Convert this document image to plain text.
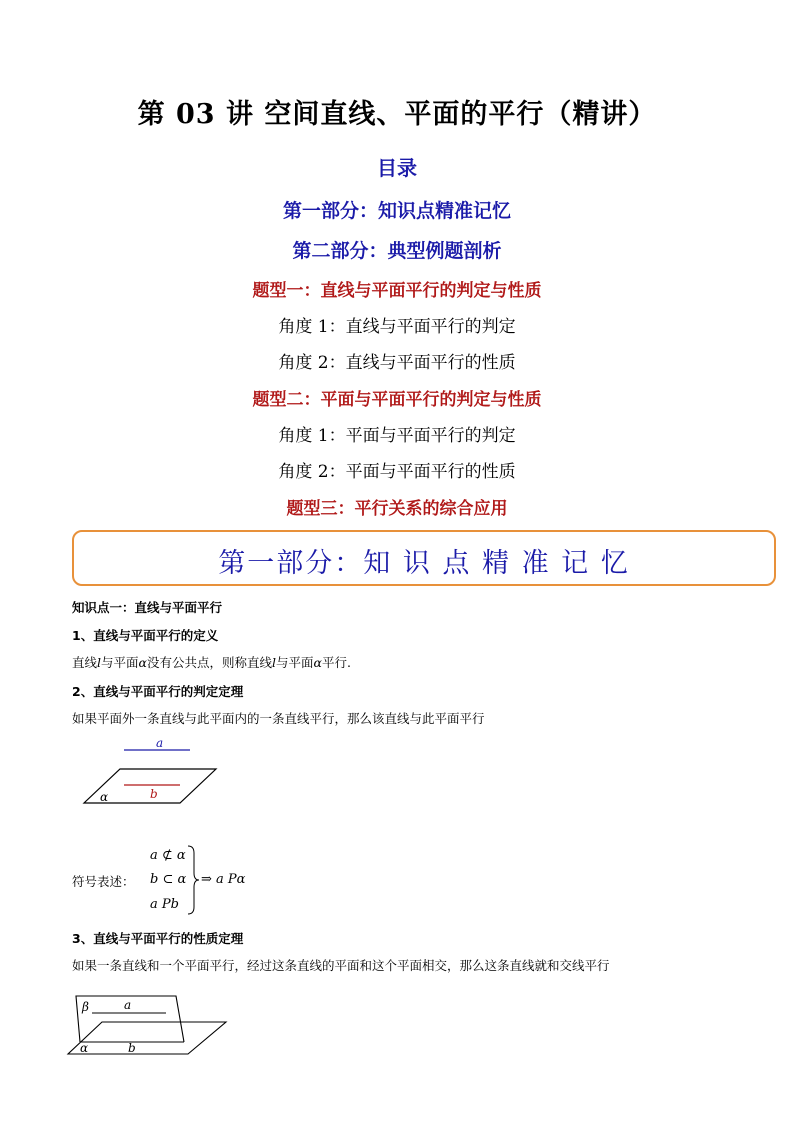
第 03 讲 空间直线、平面的平行（精讲）
目录
第一部分：知识点精准记忆
第二部分：典型例题剖析
题型一：直线与平面平行的判定与性质
角度 1：直线与平面平行的判定
角度 2：直线与平面平行的性质
题型二：平面与平面平行的判定与性质
角度 1：平面与平面平行的判定
角度 2：平面与平面平行的性质
题型三：平行关系的综合应用
第一部分：知 识 点 精 准 记 忆
知识点一：直线与平面平行
1、直线与平面平行的定义
直线l与平面α没有公共点，则称直线l与平面α平行.
2、直线与平面平行的判定定理
如果平面外一条直线与此平面内的一条直线平行，那么该直线与此平面平行
a
b
α
符号表述：
a ⊄ α
b ⊂ α
a Pb
⇒ a Pα
3、直线与平面平行的性质定理
如果一条直线和一个平面平行，经过这条直线的平面和这个平面相交，那么这条直线就和交线平行
β	a
α	b
